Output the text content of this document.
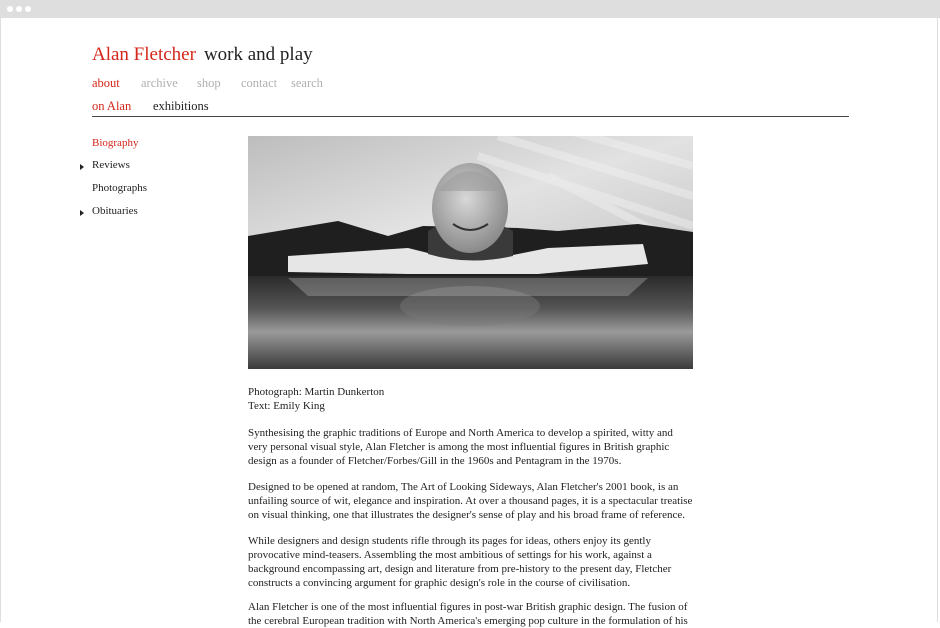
Alan Fletcher work and play
about archive shop contact search
on Alan exhibitions
Biography
Reviews
Photographs
Obituaries
Photograph: Martin Dunkerton
Text: Emily King

Synthesising the graphic traditions of Europe and North America to develop a spirited, witty and very personal visual style, Alan Fletcher is among the most influential figures in British graphic design as a founder of Fletcher/Forbes/Gill in the 1960s and Pentagram in the 1970s.

Designed to be opened at random, The Art of Looking Sideways, Alan Fletcher's 2001 book, is an unfailing source of wit, elegance and inspiration. At over a thousand pages, it is a spectacular treatise on visual thinking, one that illustrates the designer's sense of play and his broad frame of reference.

While designers and design students rifle through its pages for ideas, others enjoy its gently provocative mind-teasers. Assembling the most ambitious of settings for his work, against a background encompassing art, design and literature from pre-history to the present day, Fletcher constructs a convincing argument for graphic design's role in the course of civilisation.

Alan Fletcher is one of the most influential figures in post-war British graphic design. The fusion of the cerebral European tradition with North America's emerging pop culture in the formulation of his
